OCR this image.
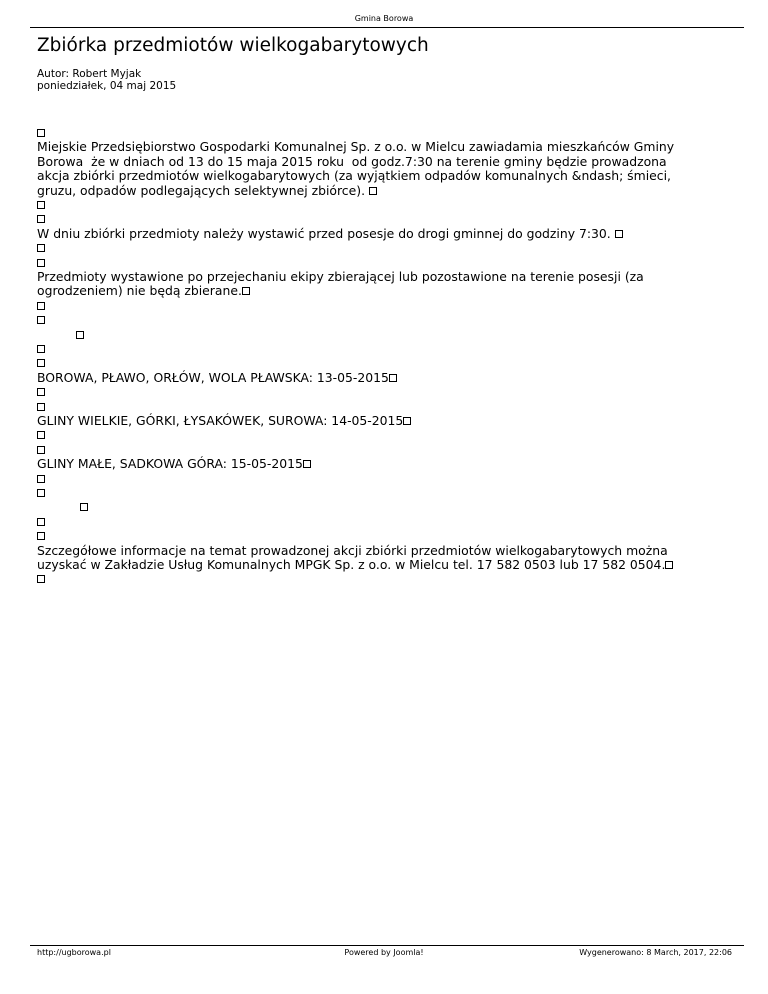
Gmina Borowa
Zbiórka przedmiotów wielkogabarytowych
Autor: Robert Myjak
poniedziałek, 04 maj 2015
Miejskie Przedsiębiorstwo Gospodarki Komunalnej Sp. z o.o. w Mielcu zawiadamia mieszkańców Gminy
Borowa  że w dniach od 13 do 15 maja 2015 roku  od godz.7:30 na terenie gminy będzie prowadzona
akcja zbiórki przedmiotów wielkogabarytowych (za wyjątkiem odpadów komunalnych &ndash; śmieci,
gruzu, odpadów podlegających selektywnej zbiórce).
W dniu zbiórki przedmioty należy wystawić przed posesje do drogi gminnej do godziny 7:30.
Przedmioty wystawione po przejechaniu ekipy zbierającej lub pozostawione na terenie posesji (za
ogrodzeniem) nie będą zbierane.

BOROWA, PŁAWO, ORŁÓW, WOLA PŁAWSKA: 13-05-2015
GLINY WIELKIE, GÓRKI, ŁYSAKÓWEK, SUROWA: 14-05-2015
GLINY MAŁE, SADKOWA GÓRA: 15-05-2015

Szczegółowe informacje na temat prowadzonej akcji zbiórki przedmiotów wielkogabarytowych można
uzyskać w Zakładzie Usług Komunalnych MPGK Sp. z o.o. w Mielcu tel. 17 582 0503 lub 17 582 0504.
http://ugborowa.pl	Powered by Joomla!	Wygenerowano: 8 March, 2017, 22:06
